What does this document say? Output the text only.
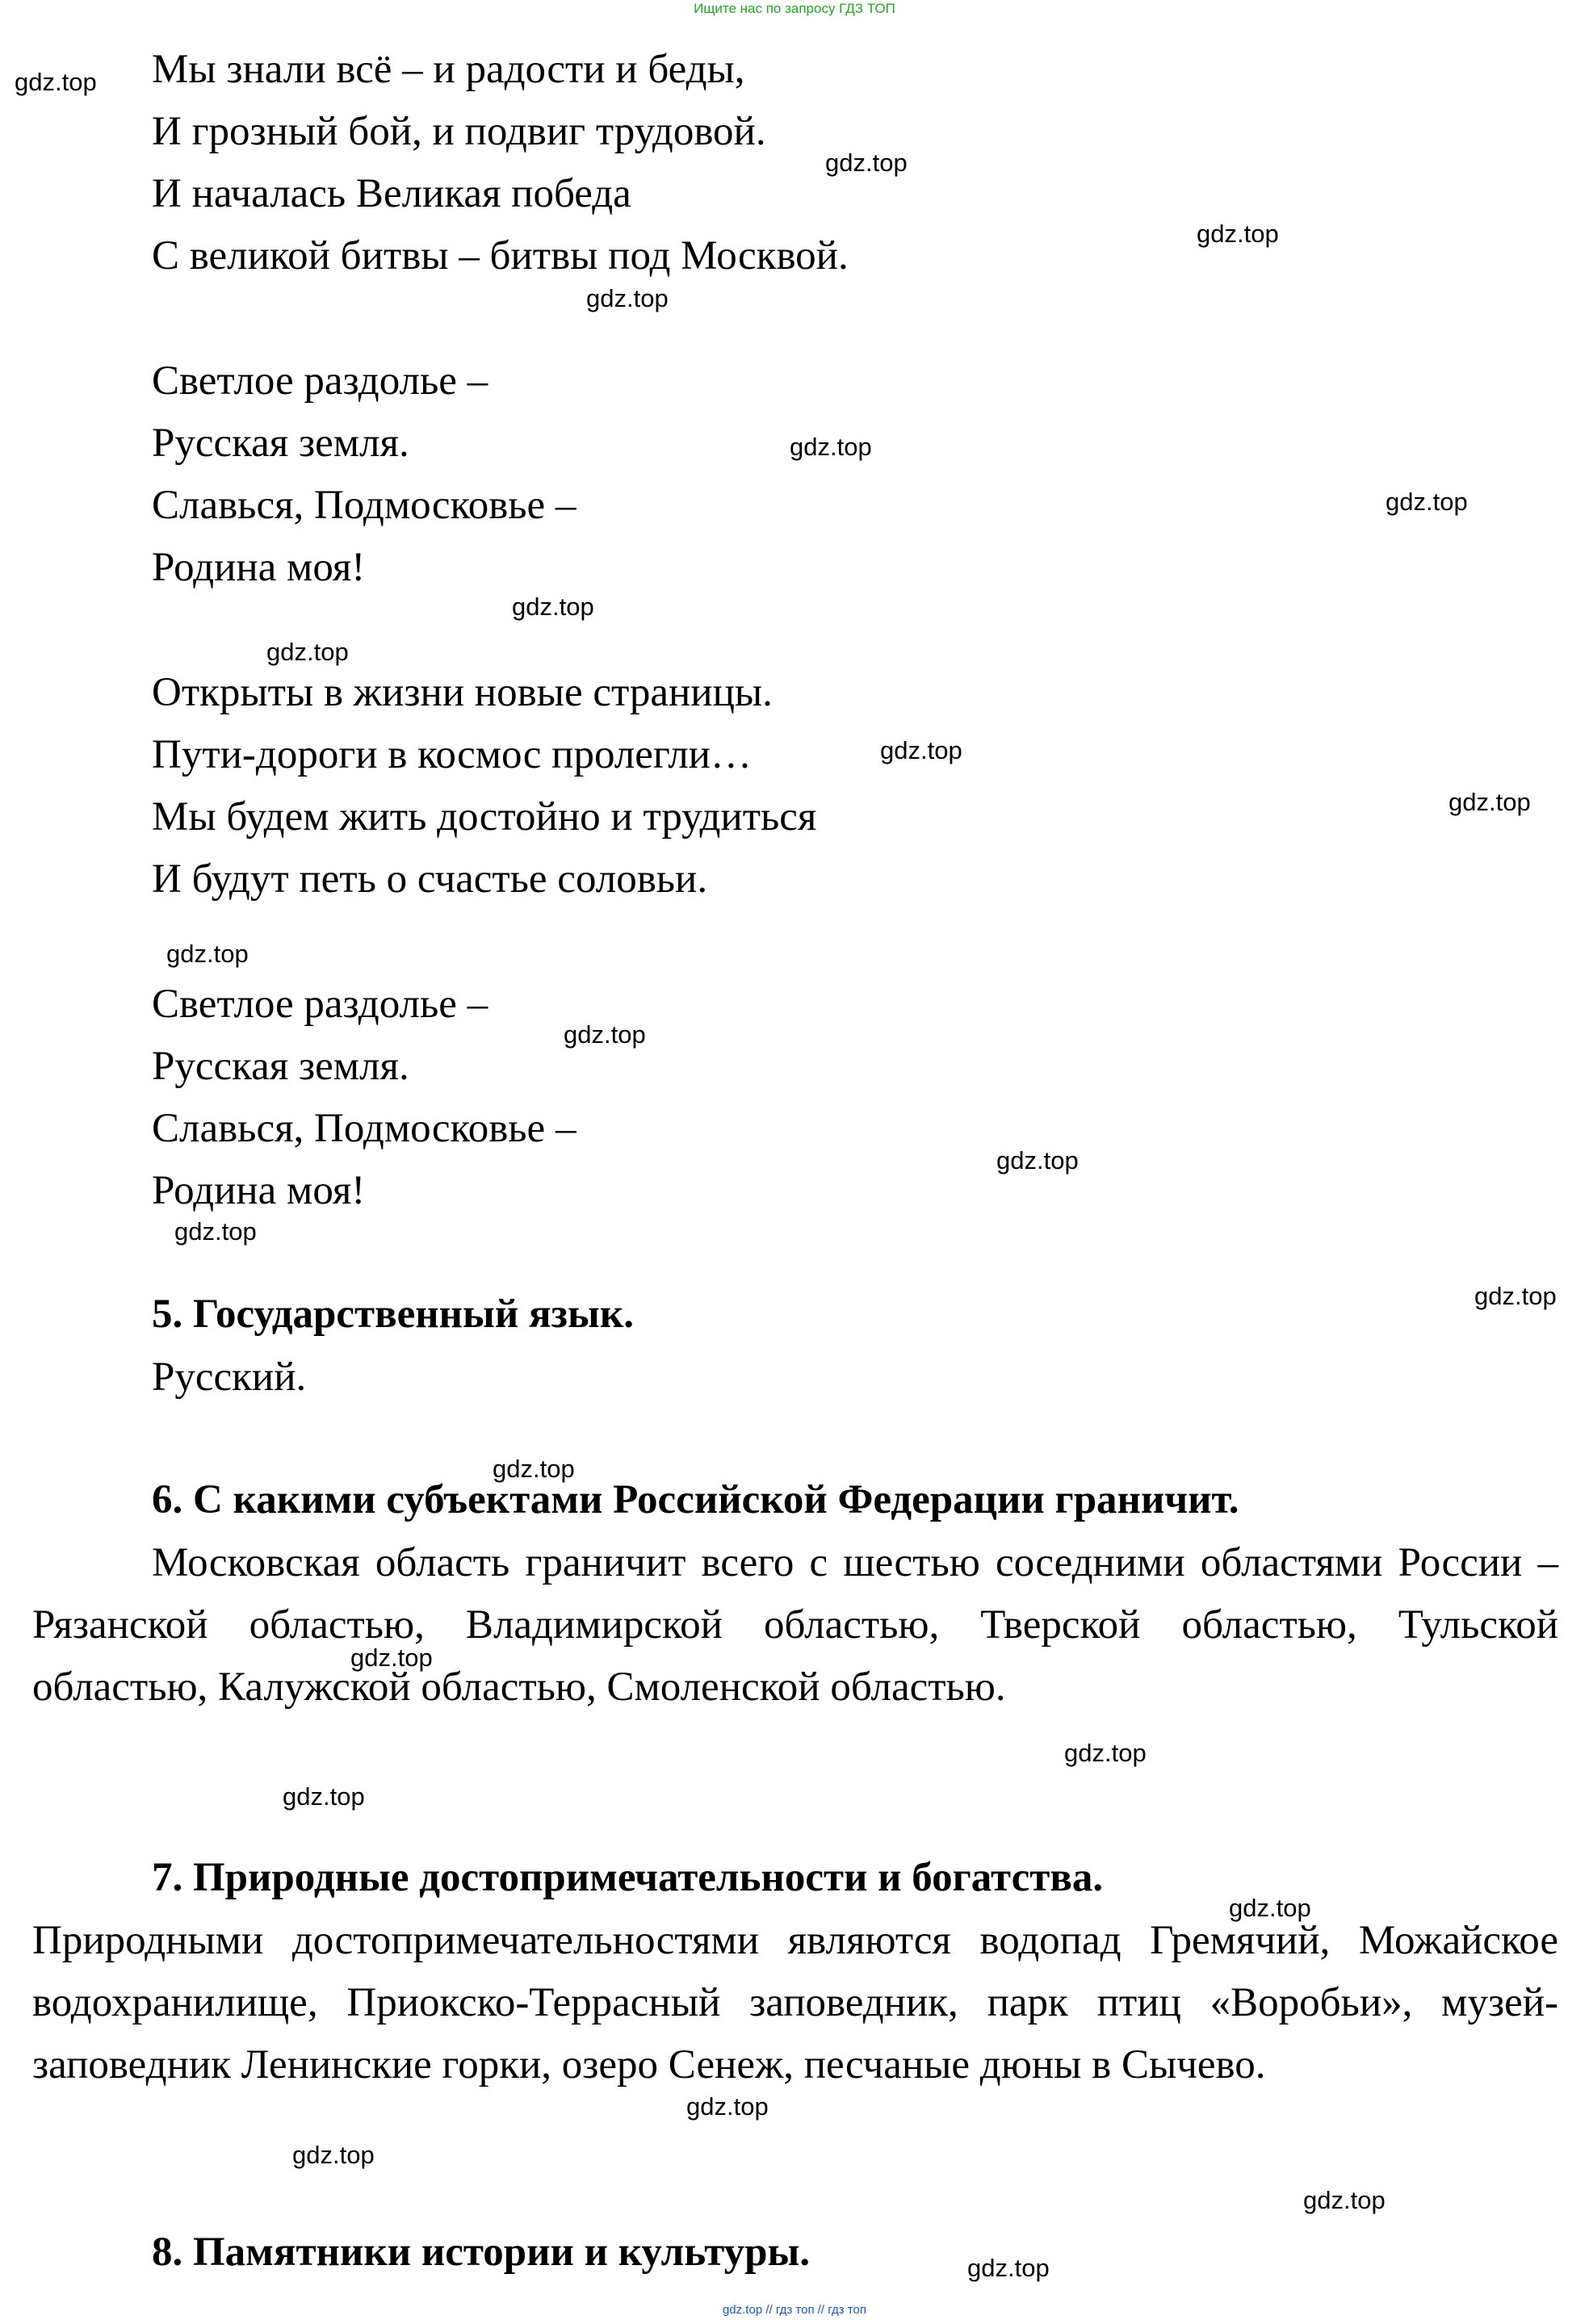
Ищите нас по запросу ГДЗ ТОП
Мы знали всё – и радости и беды,
И грозный бой, и подвиг трудовой.
И началась Великая победа
С великой битвы – битвы под Москвой.
Светлое раздолье –
Русская земля.
Славься, Подмосковье –
Родина моя!
Открыты в жизни новые страницы.
Пути-дороги в космос пролегли…
Мы будем жить достойно и трудиться
И будут петь о счастье соловьи.
Светлое раздолье –
Русская земля.
Славься, Подмосковье –
Родина моя!
5. Государственный язык.
Русский.
6. С какими субъектами Российской Федерации граничит.
Московская область граничит всего с шестью соседними областями России – Рязанской областью, Владимирской областью, Тверской областью, Тульской областью, Калужской областью, Смоленской областью.
7. Природные достопримечательности и богатства.
Природными достопримечательностями являются водопад Гремячий, Можайское водохранилище, Приокско-Террасный заповедник, парк птиц «Воробьи», музей-заповедник Ленинские горки, озеро Сенеж, песчаные дюны в Сычево.
8. Памятники истории и культуры.
gdz.top
gdz.top
gdz.top
gdz.top
gdz.top
gdz.top
gdz.top
gdz.top
gdz.top
gdz.top
gdz.top
gdz.top
gdz.top
gdz.top
gdz.top
gdz.top
gdz.top
gdz.top
gdz.top
gdz.top
gdz.top
gdz.top
gdz.top
gdz.top
gdz.top // гдз топ // гдз топ
